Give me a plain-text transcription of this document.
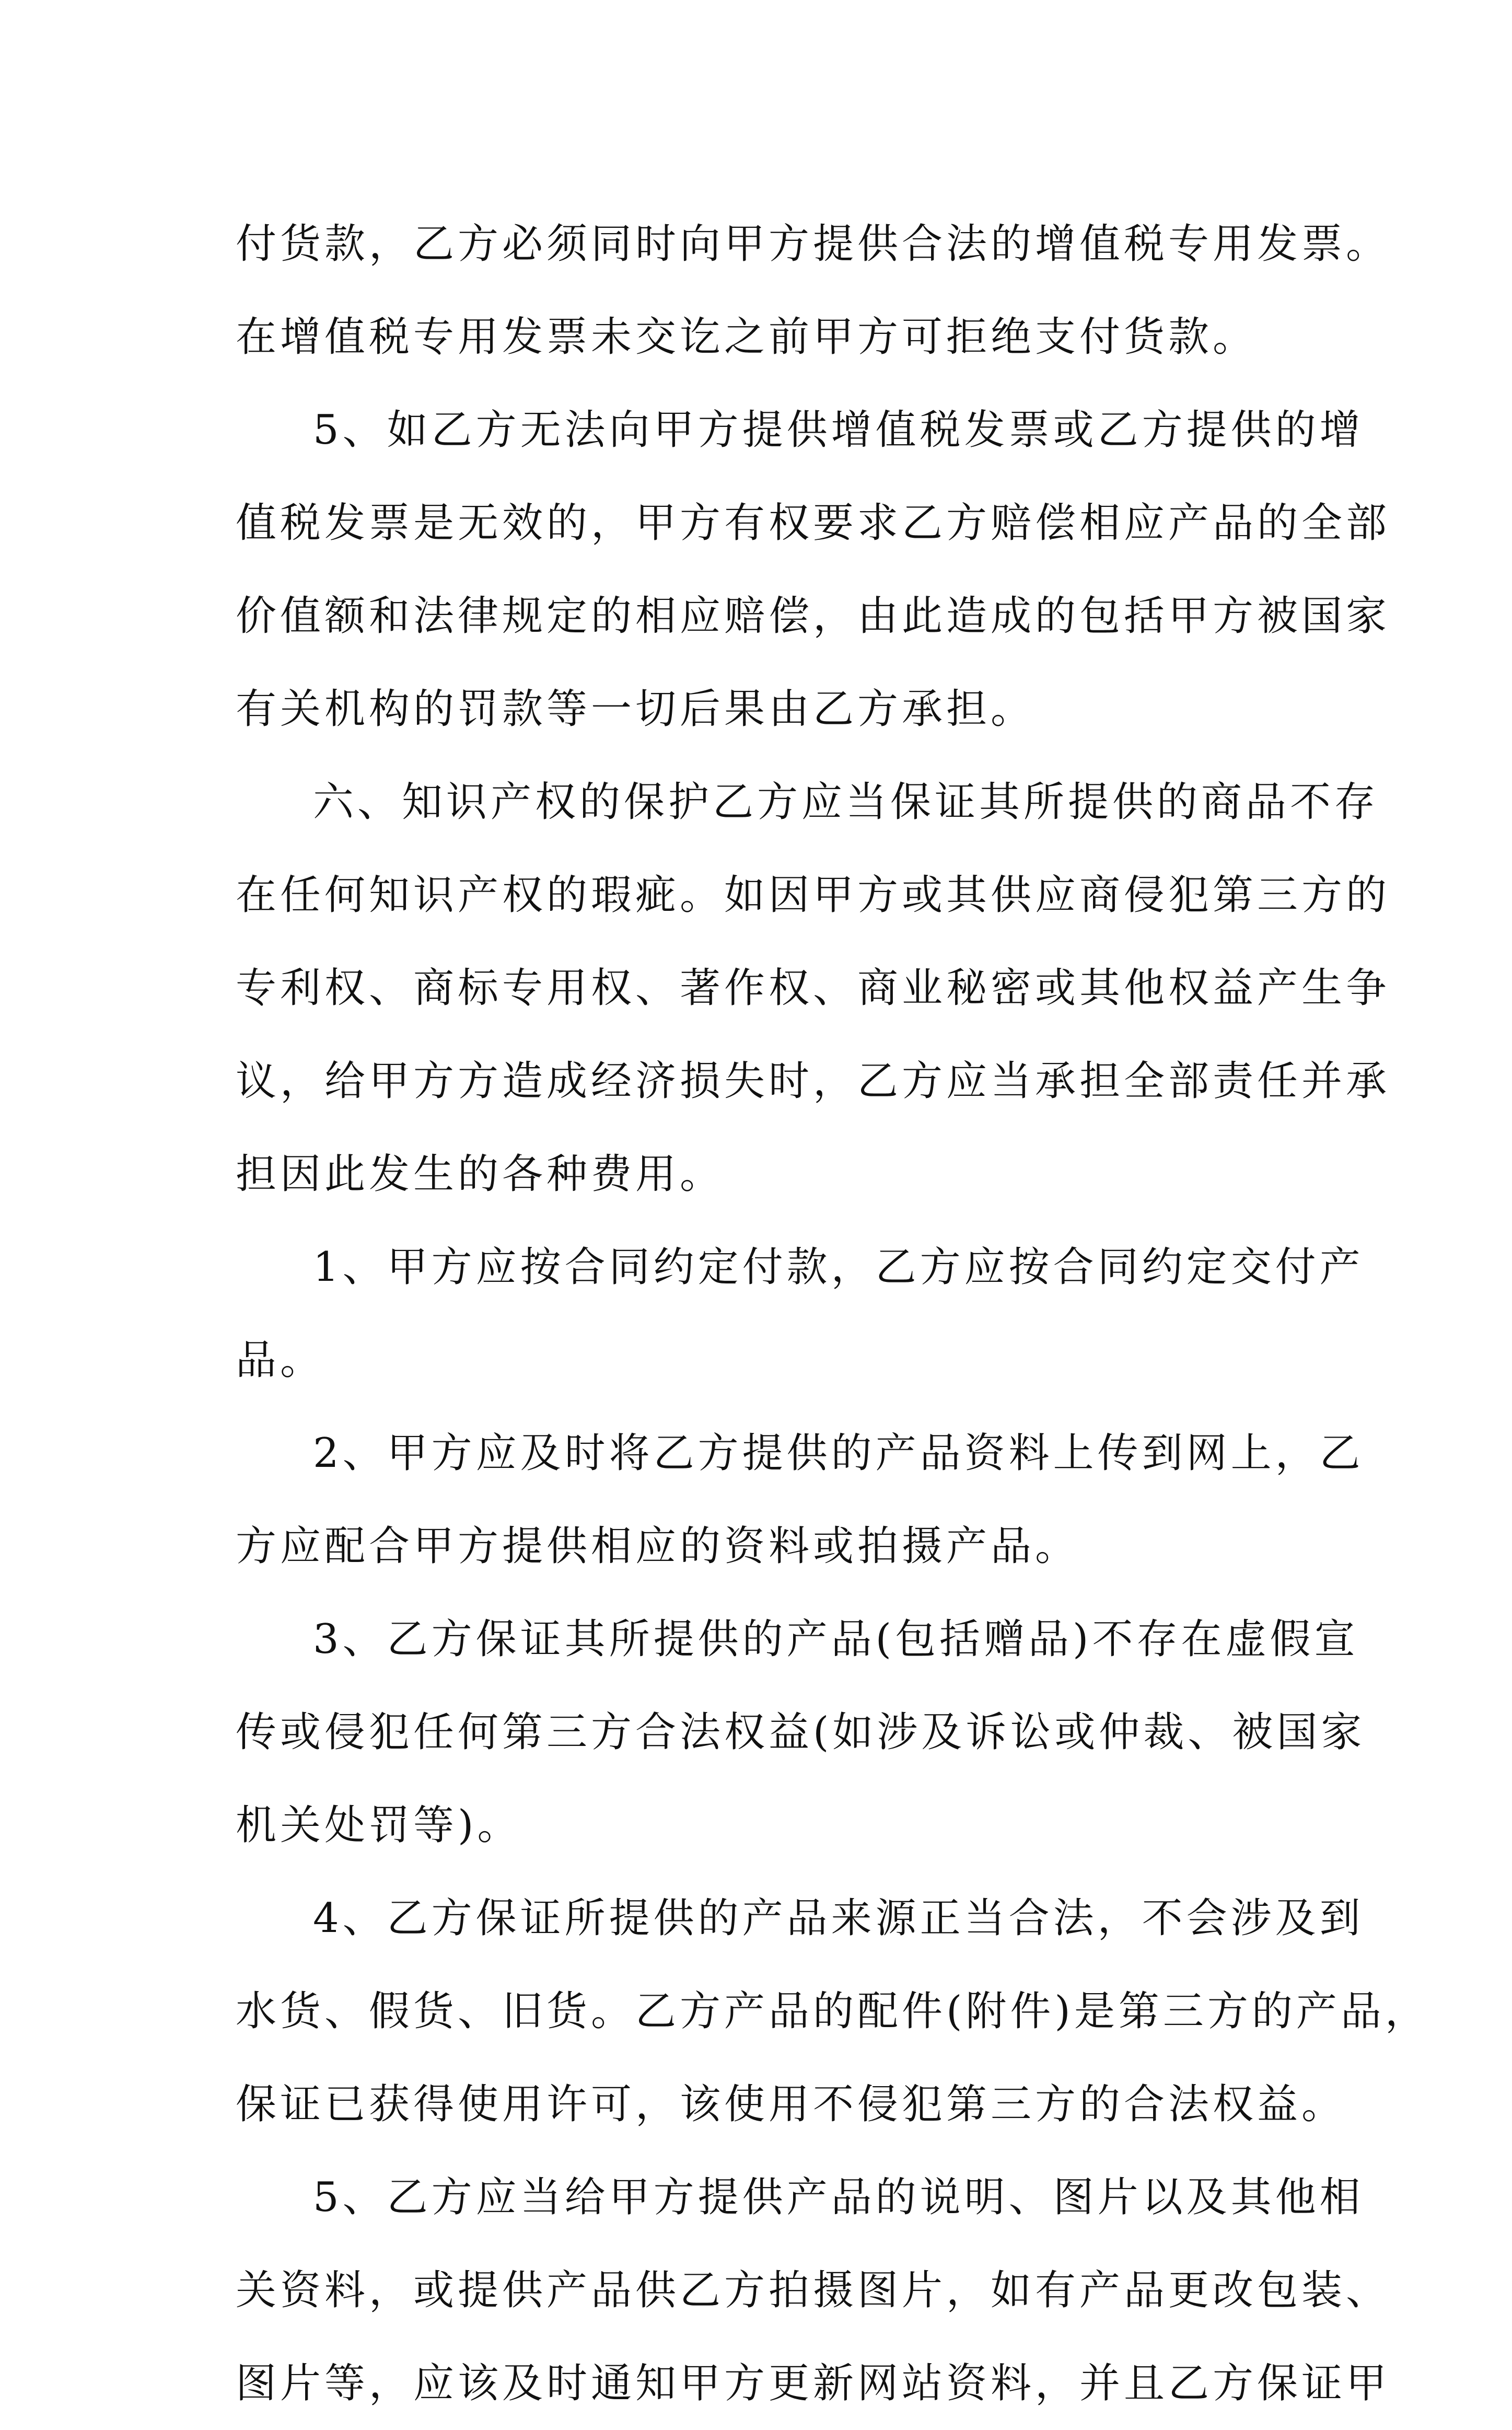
付货款，乙方必须同时向甲方提供合法的增值税专用发票。
在增值税专用发票未交讫之前甲方可拒绝支付货款。
5、如乙方无法向甲方提供增值税发票或乙方提供的增
值税发票是无效的，甲方有权要求乙方赔偿相应产品的全部
价值额和法律规定的相应赔偿，由此造成的包括甲方被国家
有关机构的罚款等一切后果由乙方承担。
六、知识产权的保护乙方应当保证其所提供的商品不存
在任何知识产权的瑕疵。如因甲方或其供应商侵犯第三方的
专利权、商标专用权、著作权、商业秘密或其他权益产生争
议，给甲方方造成经济损失时，乙方应当承担全部责任并承
担因此发生的各种费用。
1、甲方应按合同约定付款，乙方应按合同约定交付产
品。
2、甲方应及时将乙方提供的产品资料上传到网上，乙
方应配合甲方提供相应的资料或拍摄产品。
3、乙方保证其所提供的产品(包括赠品)不存在虚假宣
传或侵犯任何第三方合法权益(如涉及诉讼或仲裁、被国家
机关处罚等)。
4、乙方保证所提供的产品来源正当合法，不会涉及到
水货、假货、旧货。乙方产品的配件(附件)是第三方的产品，
保证已获得使用许可，该使用不侵犯第三方的合法权益。
5、乙方应当给甲方提供产品的说明、图片以及其他相
关资料，或提供产品供乙方拍摄图片，如有产品更改包装、
图片等，应该及时通知甲方更新网站资料，并且乙方保证甲
